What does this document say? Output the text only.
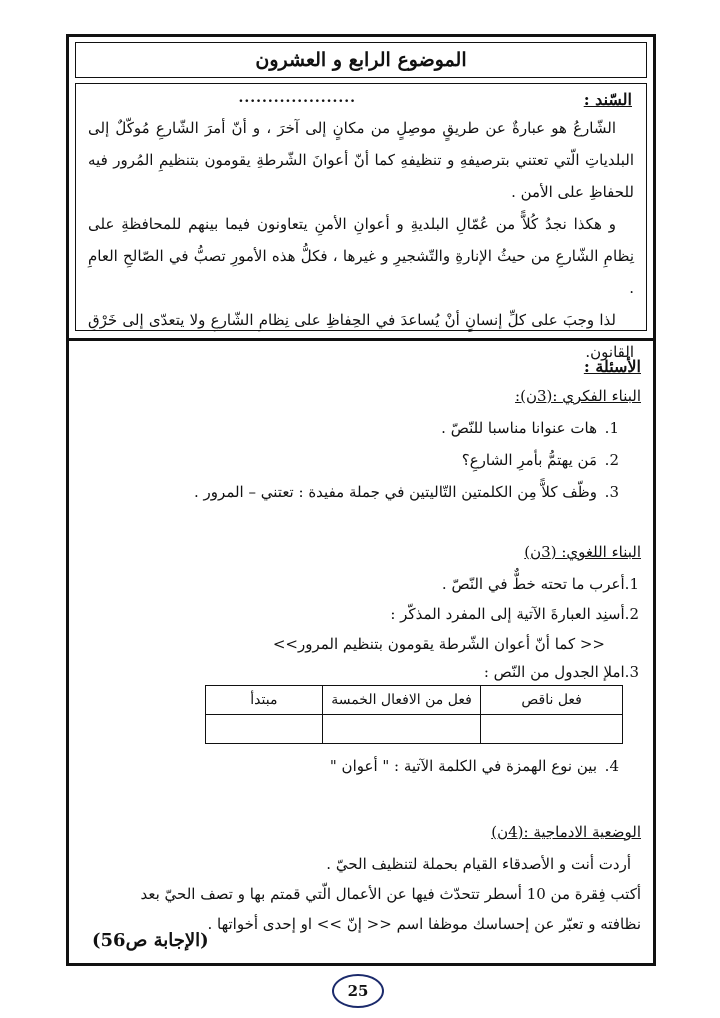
الموضوع الرابع و العشرون
السّند :
....................

الشّارعُ هو عبارةٌ عن طريقٍ موصِلٍ من مكانٍ إلى آخرَ ، و أنّ أمرَ الشّارعِ مُوكّلٌ إلى البلدياتِ الّتي تعتني بترصيفهِ و تنظيفهِ كما أنّ أعوانَ الشّرطةِ يقومون بتنظيمِ المُرور فيه للحفاظِ على الأمن .

و هكذا نجدُ كُلاًّ من عُمّالِ البلديةِ و أعوانِ الأمنِ يتعاونون فيما بينهم للمحافظةِ على نِظامِ الشّارعِ من حيثُ الإنارةِ والتّشجيرِ و غيرها ، فكلُّ هذه الأمورِ تصبُّ في الصّالحِ العامِ .

لذا وجبَ على كلِّ إنسانٍ أنْ يُساعدَ في الحِفاظِ على نِظامِ الشّارعِ ولا يتعدّى إلى خَرْقِ القانون.

الأسئلة :
البناء الفكري :(3ن):
1.هات عنوانا مناسبا للنّصّ .
2.مَن يهتمُّ بأمرِ الشارعِ؟
3.وظّف كلاًّ مِن الكلمتين التّاليتين في جملة مفيدة : تعتني – المرور .
البناء اللغوي: (3ن)
1.أعرب ما تحته خطٌّ في النّصّ .
2.أسنِد العبارةَ الآتية إلى المفرد المذكّر :
<< كما أنّ أعوان الشّرطة يقومون بتنظيم المرور>>
3.املإ الجدول من النّص :
فعل ناقص	فعل من الافعال الخمسة	مبتدأ

4.بين نوع الهمزة في الكلمة الآتية : " أعوان "
الوضعية الادماجية :(4ن)
أردت أنت و الأصدقاء القيام بحملة لتنظيف الحيّ .
أكتب فِقرة من 10 أسطر تتحدّث فيها عن الأعمال الّتي قمتم بها و تصف الحيّ بعد
نظافته و تعبّر عن إحساسك موظفا اسم << إنّ >> او إحدى أخواتها .
(الإجابة ص56)
25
